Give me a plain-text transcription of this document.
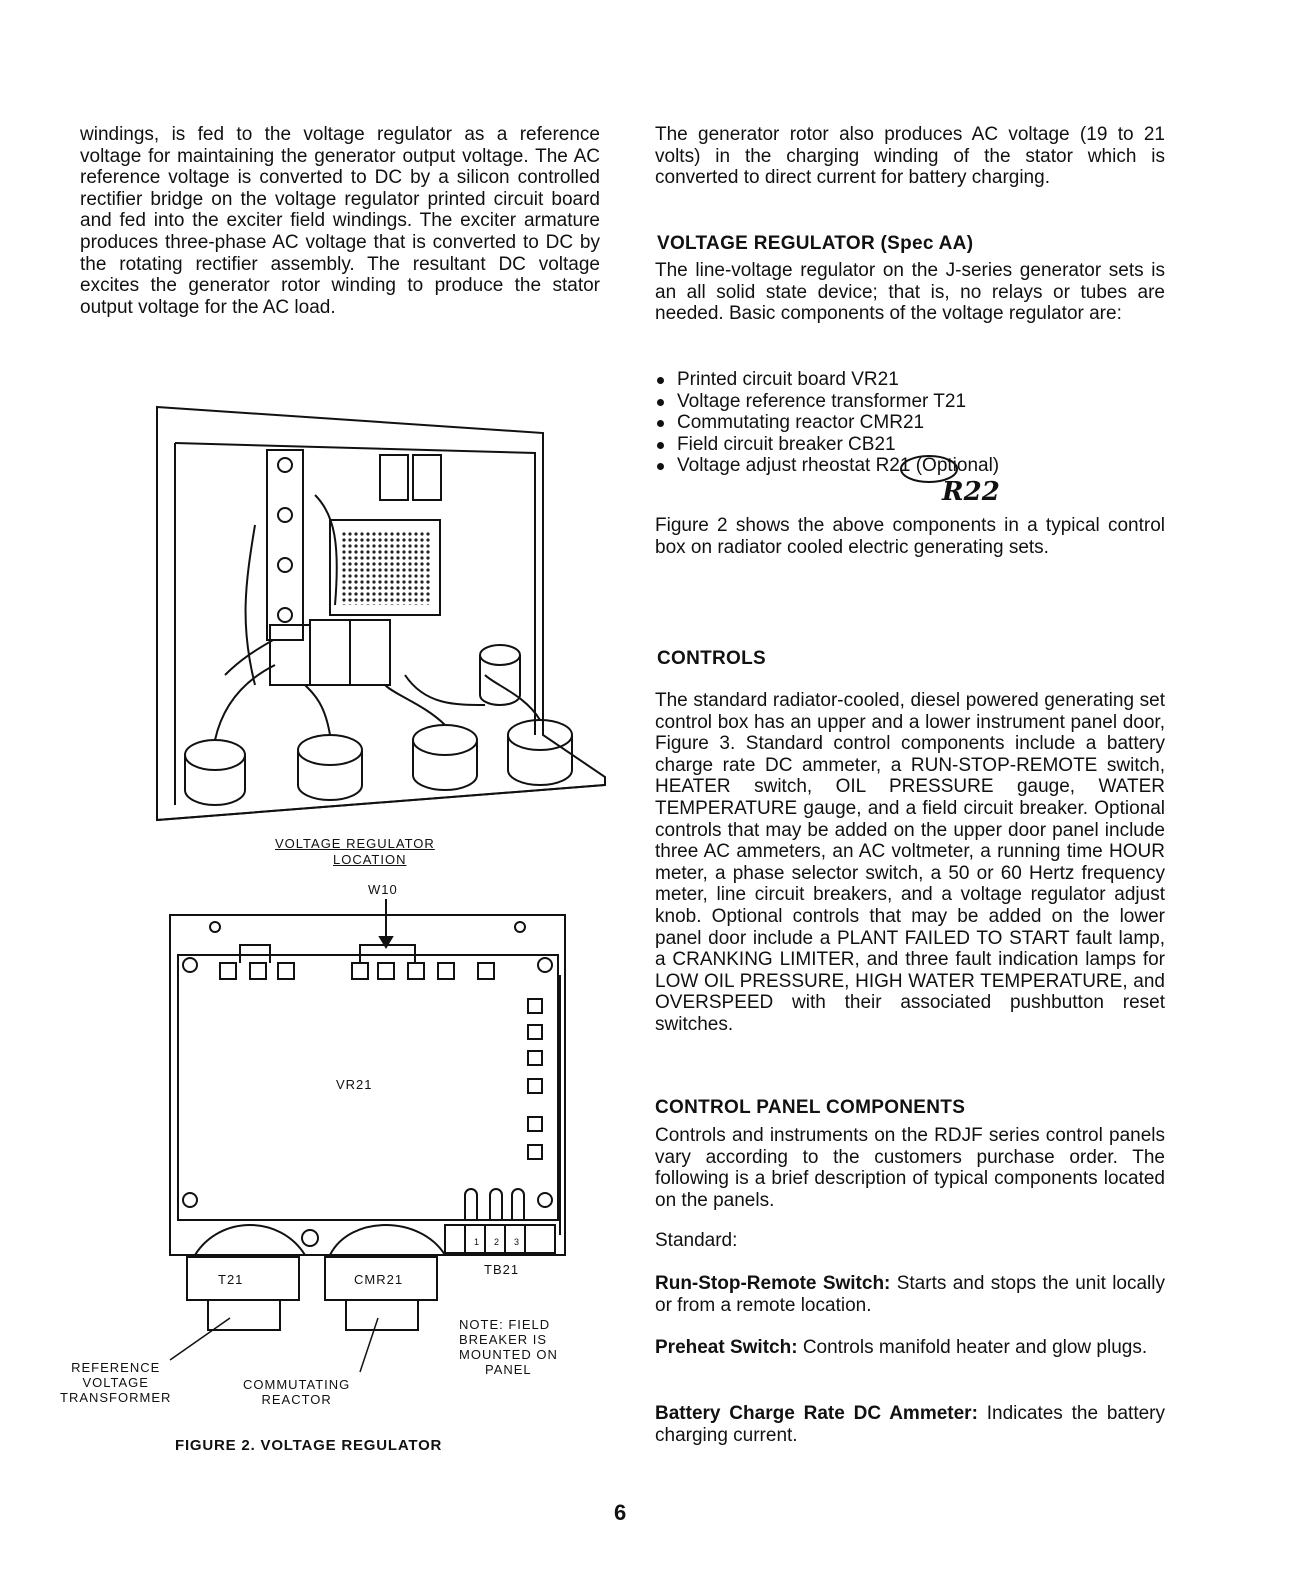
windings, is fed to the voltage regulator as a reference voltage for maintaining the generator output voltage. The AC reference voltage is converted to DC by a silicon controlled rectifier bridge on the voltage regulator printed circuit board and fed into the exciter field windings. The exciter armature produces three-phase AC voltage that is converted to DC by the rotating rectifier assembly. The resultant DC voltage excites the generator rotor winding to produce the stator output voltage for the AC load.
VOLTAGE REGULATOR
LOCATION
W10
VR21
T21	CMR21
TB21
1 2 3
NOTE: FIELD
BREAKER IS
MOUNTED ON
PANEL
REFERENCE
VOLTAGE
TRANSFORMER
COMMUTATING
REACTOR
FIGURE 2. VOLTAGE REGULATOR
The generator rotor also produces AC voltage (19 to 21 volts) in the charging winding of the stator which is converted to direct current for battery charging.
VOLTAGE REGULATOR (Spec AA)
The line-voltage regulator on the J-series generator sets is an all solid state device; that is, no relays or tubes are needed. Basic components of the voltage regulator are:
Printed circuit board VR21
Voltage reference transformer T21
Commutating reactor CMR21
Field circuit breaker CB21
Voltage adjust rheostat R21 (Optional)
R22
Figure 2 shows the above components in a typical control box on radiator cooled electric generating sets.
CONTROLS
The standard radiator-cooled, diesel powered generating set control box has an upper and a lower instrument panel door, Figure 3. Standard control components include a battery charge rate DC ammeter, a RUN-STOP-REMOTE switch, HEATER switch, OIL PRESSURE gauge, WATER TEMPERATURE gauge, and a field circuit breaker. Optional controls that may be added on the upper door panel include three AC ammeters, an AC voltmeter, a running time HOUR meter, a phase selector switch, a 50 or 60 Hertz frequency meter, line circuit breakers, and a voltage regulator adjust knob. Optional controls that may be added on the lower panel door include a PLANT FAILED TO START fault lamp, a CRANKING LIMITER, and three fault indication lamps for LOW OIL PRESSURE, HIGH WATER TEMPERATURE, and OVERSPEED with their associated pushbutton reset switches.
CONTROL PANEL COMPONENTS
Controls and instruments on the RDJF series control panels vary according to the customers purchase order. The following is a brief description of typical components located on the panels.
Standard:
Run-Stop-Remote Switch: Starts and stops the unit locally or from a remote location.
Preheat Switch: Controls manifold heater and glow plugs.
Battery Charge Rate DC Ammeter: Indicates the battery charging current.
6
